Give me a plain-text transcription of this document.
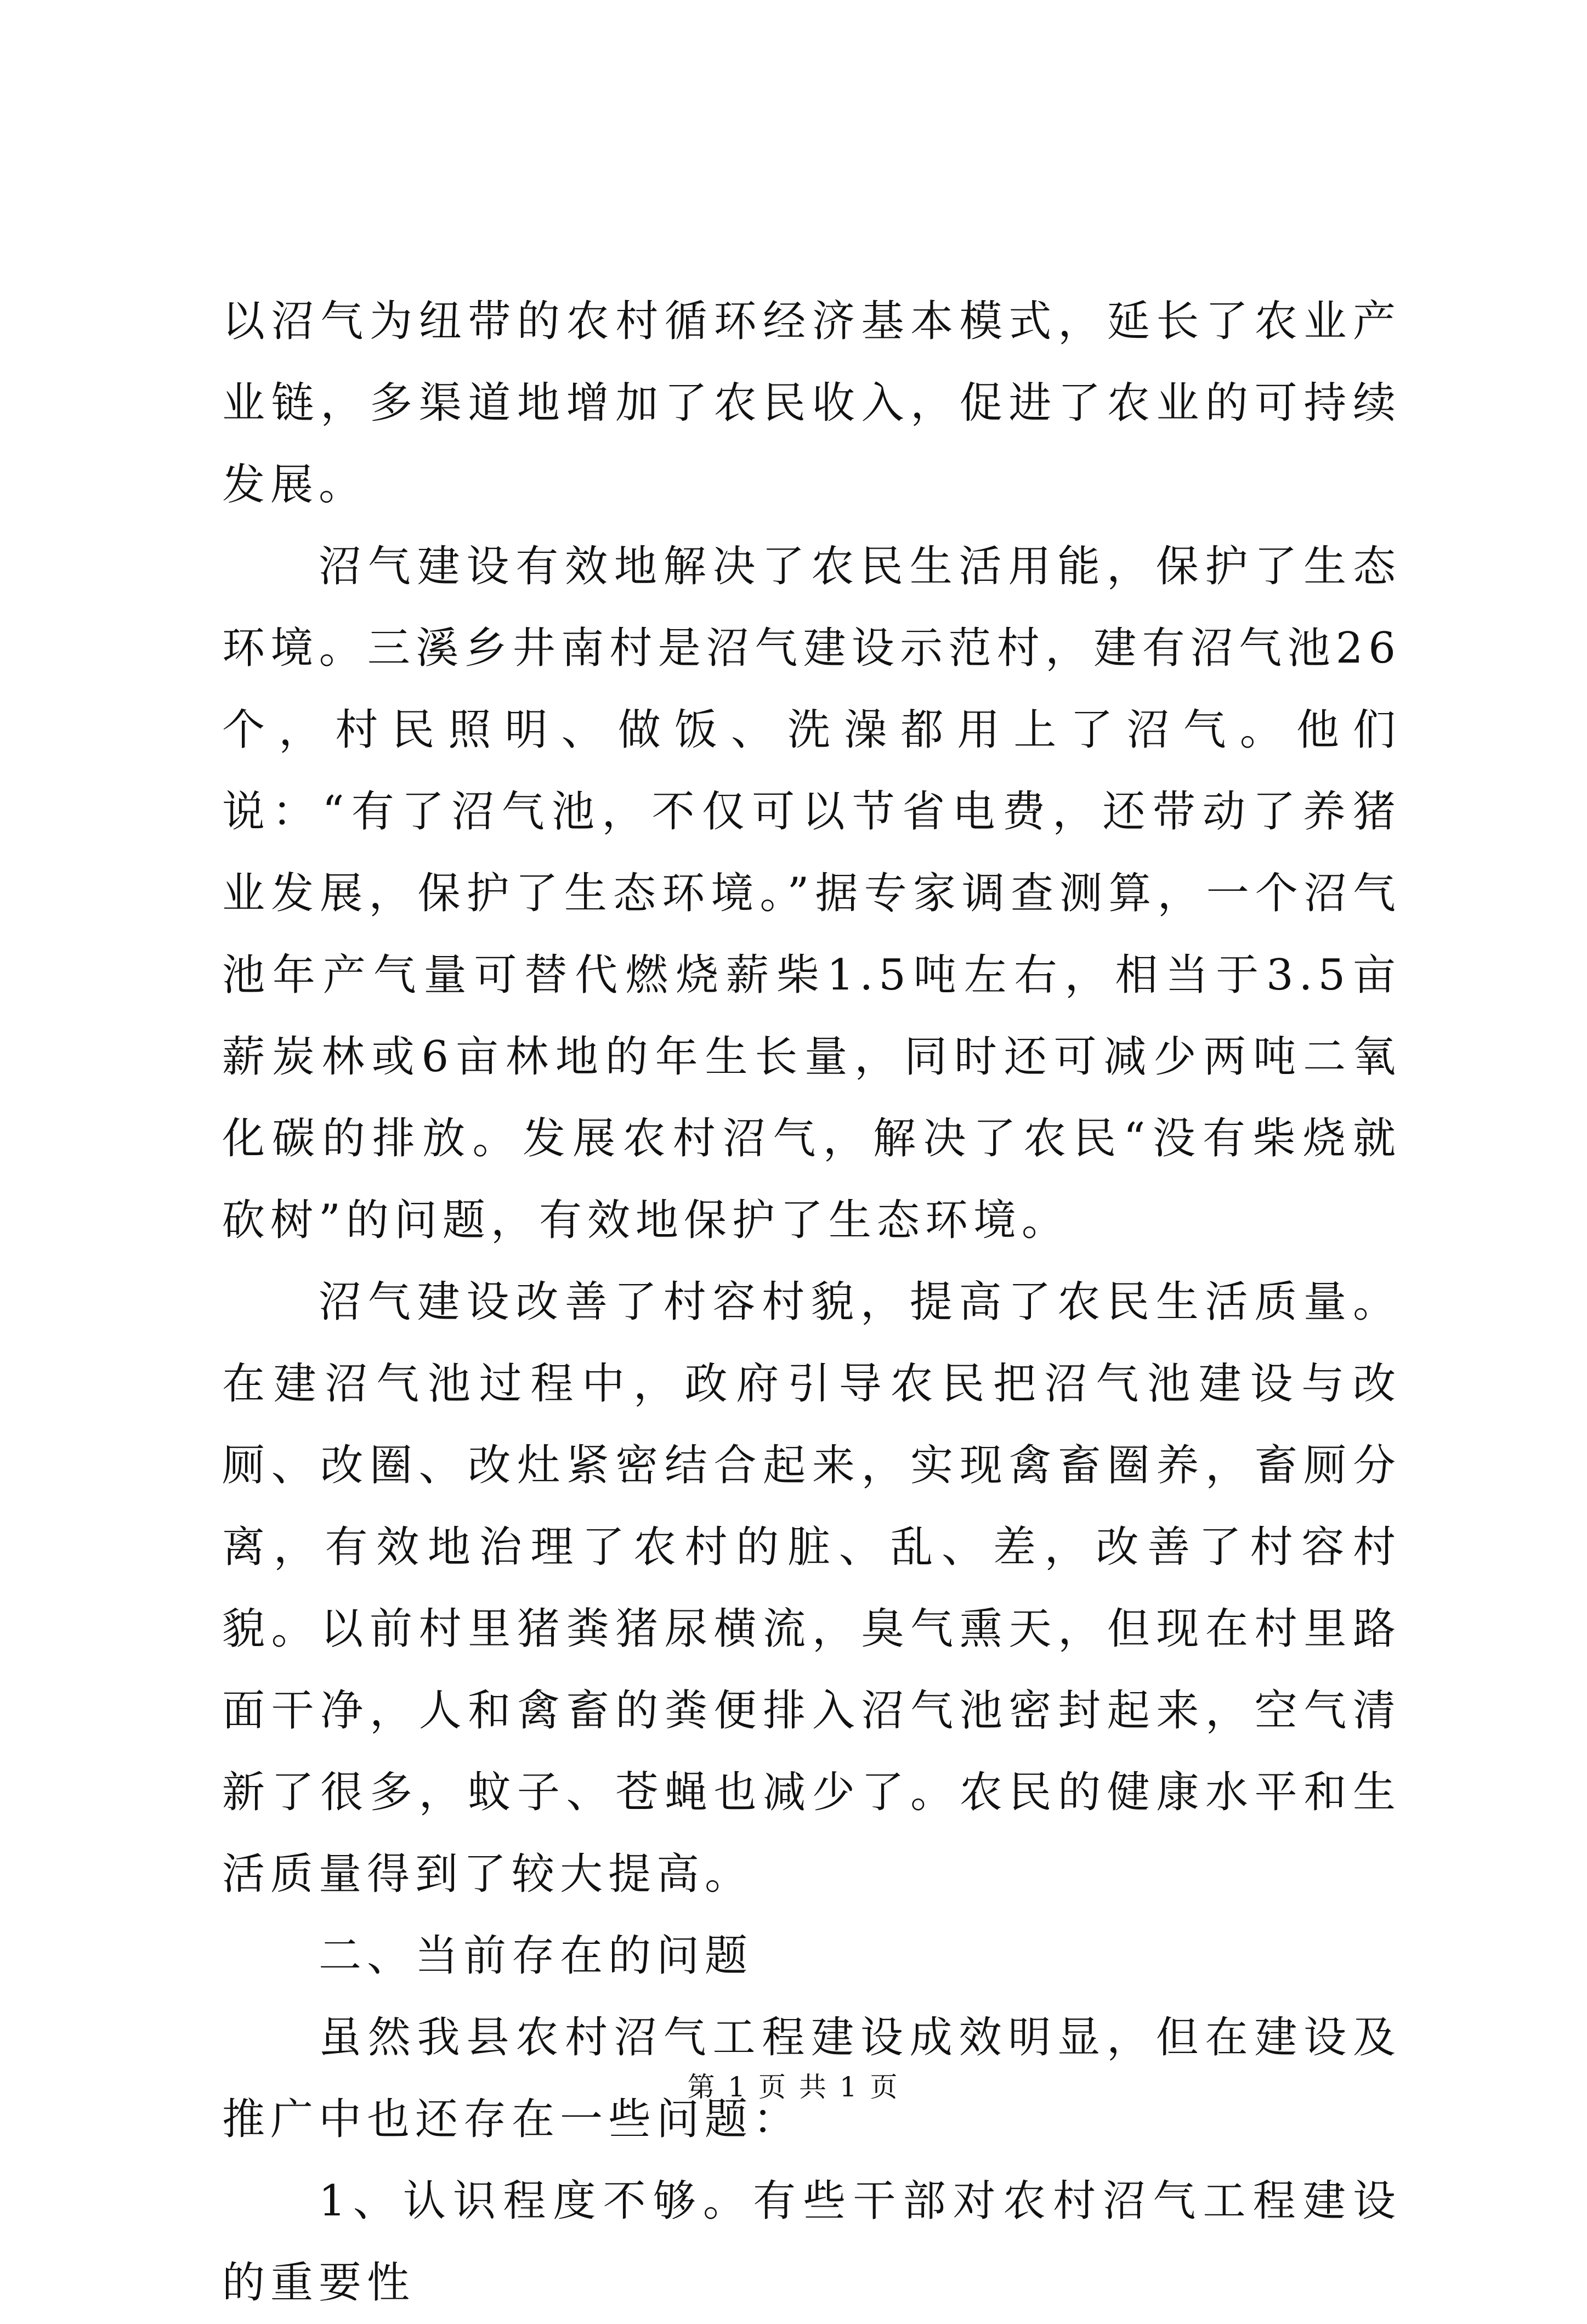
以沼气为纽带的农村循环经济基本模式，延长了农业产业链，多渠道地增加了农民收入，促进了农业的可持续发展。

沼气建设有效地解决了农民生活用能，保护了生态环境。三溪乡井南村是沼气建设示范村，建有沼气池26个，村民照明、做饭、洗澡都用上了沼气。他们说：“有了沼气池，不仅可以节省电费，还带动了养猪业发展，保护了生态环境。”据专家调查测算，一个沼气池年产气量可替代燃烧薪柴1.5吨左右，相当于3.5亩薪炭林或6亩林地的年生长量，同时还可减少两吨二氧化碳的排放。发展农村沼气，解决了农民“没有柴烧就砍树”的问题，有效地保护了生态环境。

沼气建设改善了村容村貌，提高了农民生活质量。在建沼气池过程中，政府引导农民把沼气池建设与改厕、改圈、改灶紧密结合起来，实现禽畜圈养，畜厕分离，有效地治理了农村的脏、乱、差，改善了村容村貌。以前村里猪粪猪尿横流，臭气熏天，但现在村里路面干净，人和禽畜的粪便排入沼气池密封起来，空气清新了很多，蚊子、苍蝇也减少了。农民的健康水平和生活质量得到了较大提高。

二、当前存在的问题

虽然我县农村沼气工程建设成效明显，但在建设及推广中也还存在一些问题：

1、认识程度不够。有些干部对农村沼气工程建设的重要性

第 1 页 共 1 页
